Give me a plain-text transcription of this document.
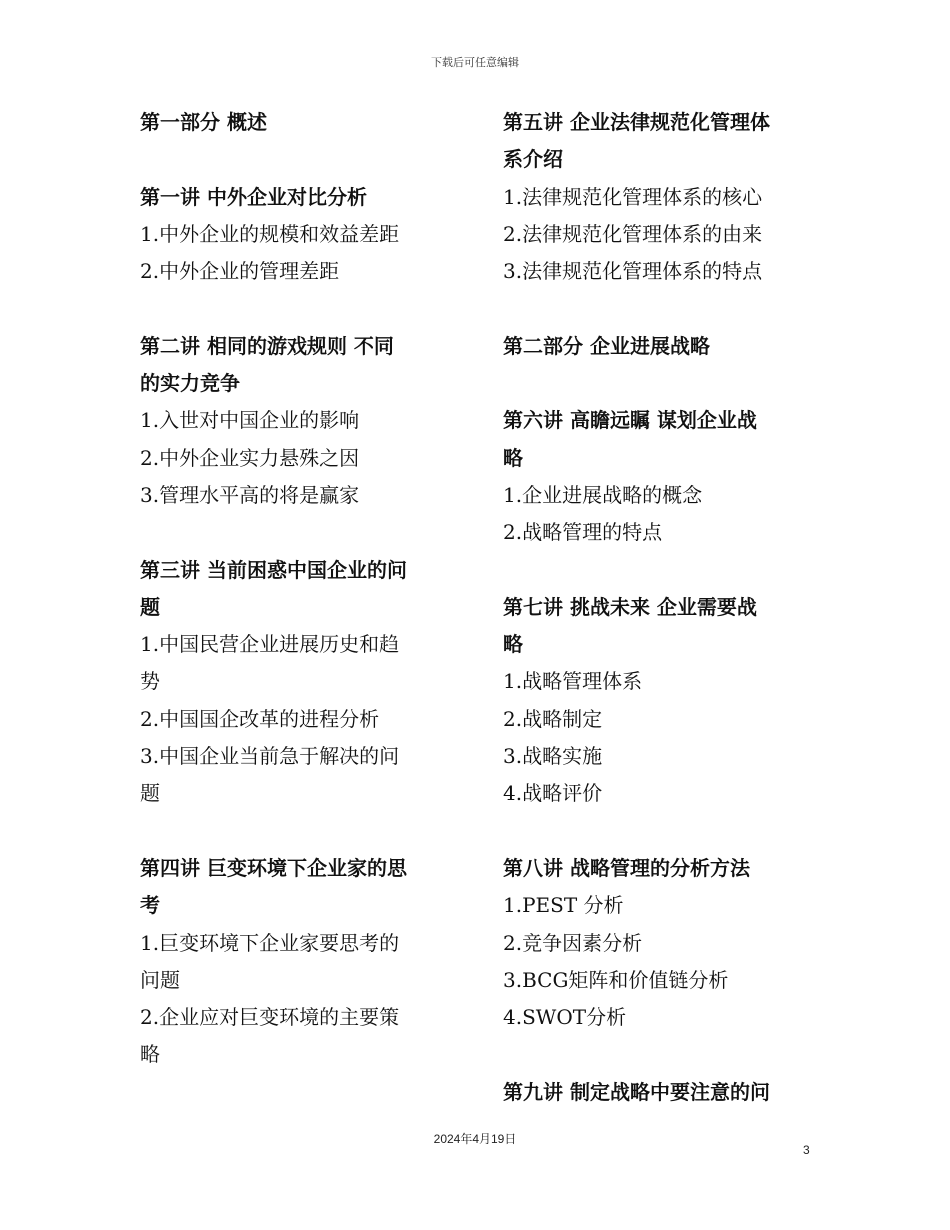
下载后可任意编辑
第一部分 概述
第一讲 中外企业对比分析
1.中外企业的规模和效益差距
2.中外企业的管理差距
第二讲 相同的游戏规则 不同
的实力竞争
1.入世对中国企业的影响
2.中外企业实力悬殊之因
3.管理水平高的将是赢家
第三讲 当前困惑中国企业的问
题
1.中国民营企业进展历史和趋
势
2.中国国企改革的进程分析
3.中国企业当前急于解决的问
题
第四讲 巨变环境下企业家的思
考
1.巨变环境下企业家要思考的
问题
2.企业应对巨变环境的主要策
略
第五讲 企业法律规范化管理体
系介绍
1.法律规范化管理体系的核心
2.法律规范化管理体系的由来
3.法律规范化管理体系的特点
第二部分 企业进展战略
第六讲 高瞻远瞩 谋划企业战
略
1.企业进展战略的概念
2.战略管理的特点
第七讲 挑战未来 企业需要战
略
1.战略管理体系
2.战略制定
3.战略实施
4.战略评价
第八讲 战略管理的分析方法
1.PEST 分析
2.竞争因素分析
3.BCG矩阵和价值链分析
4.SWOT分析
第九讲 制定战略中要注意的问
3
2024年4月19日
